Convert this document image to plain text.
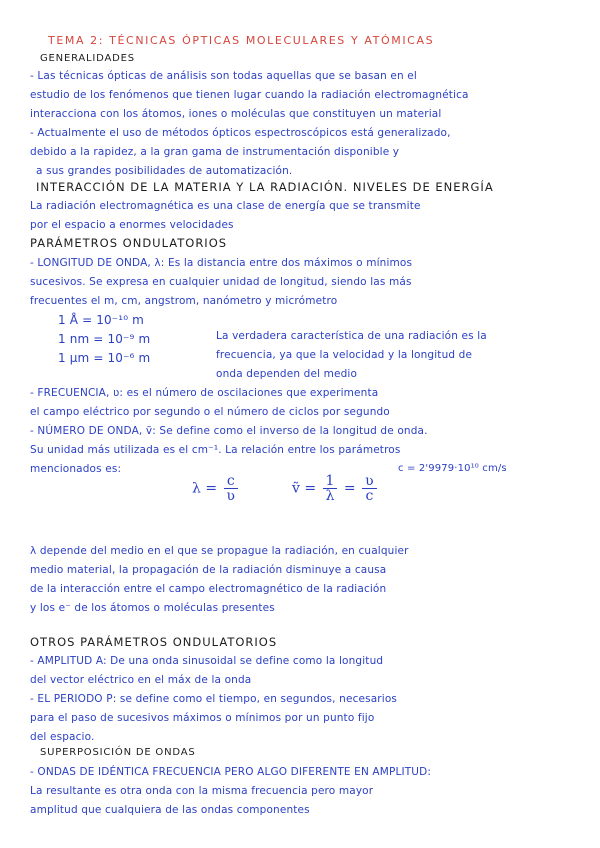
TEMA 2: TÉCNICAS ÓPTICAS MOLECULARES Y ATÓMICAS
GENERALIDADES
- Las técnicas ópticas de análisis son todas aquellas que se basan en el
estudio de los fenómenos que tienen lugar cuando la radiación electromagnética
interacciona con los átomos, iones o moléculas que constituyen un material
- Actualmente el uso de métodos ópticos espectroscópicos está generalizado,
debido a la rapidez, a la gran gama de instrumentación disponible y
a sus grandes posibilidades de automatización.
INTERACCIÓN DE LA MATERIA Y LA RADIACIÓN. NIVELES DE ENERGÍA
La radiación electromagnética es una clase de energía que se transmite
por el espacio a enormes velocidades
PARÁMETROS ONDULATORIOS
- LONGITUD DE ONDA, λ: Es la distancia entre dos máximos o mínimos
sucesivos. Se expresa en cualquier unidad de longitud, siendo las más
frecuentes el m, cm, angstrom, nanómetro y micrómetro
1 Å = 10⁻¹⁰ m
1 nm = 10⁻⁹ m
1 µm = 10⁻⁶ m
La verdadera característica de una radiación es la
frecuencia, ya que la velocidad y la longitud de
onda dependen del medio
- FRECUENCIA, ʋ: es el número de oscilaciones que experimenta
el campo eléctrico por segundo o el número de ciclos por segundo
- NÚMERO DE ONDA, ṽ: Se define como el inverso de la longitud de onda.
Su unidad más utilizada es el cm⁻¹. La relación entre los parámetros
mencionados es:	c = 2'9979·10¹⁰ cm/s
$\lambda = \frac{c}{\text{ʋ}}$	ṽ = $\frac{1}{\lambda} = \frac{\text{ʋ}}{c}$
λ depende del medio en el que se propague la radiación, en cualquier
medio material, la propagación de la radiación disminuye a causa
de la interacción entre el campo electromagnético de la radiación
y los e⁻ de los átomos o moléculas presentes
OTROS PARÁMETROS ONDULATORIOS
- AMPLITUD A: De una onda sinusoidal se define como la longitud
del vector eléctrico en el máx de la onda
- EL PERIODO P: se define como el tiempo, en segundos, necesarios
para el paso de sucesivos máximos o mínimos por un punto fijo
del espacio.
SUPERPOSICIÓN DE ONDAS
- ONDAS DE IDÉNTICA FRECUENCIA PERO ALGO DIFERENTE EN AMPLITUD:
La resultante es otra onda con la misma frecuencia pero mayor
amplitud que cualquiera de las ondas componentes
